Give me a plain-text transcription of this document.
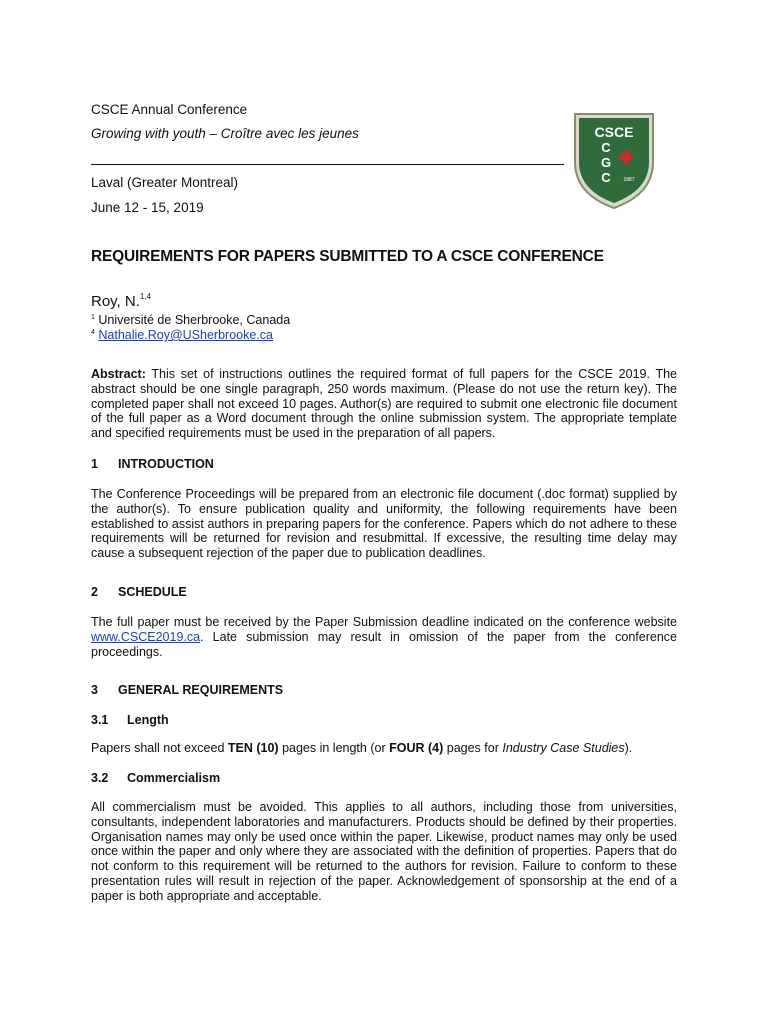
CSCE Annual Conference
Growing with youth – Croître avec les jeunes
Laval (Greater Montreal)
June 12 - 15, 2019
CSCE
C
G
C	1887
REQUIREMENTS FOR PAPERS SUBMITTED TO A CSCE CONFERENCE
Roy, N.$^{1,4}$
$^1$ Université de Sherbrooke, Canada
$^4$ Nathalie.Roy@USherbrooke.ca

Abstract: This set of instructions outlines the required format of full papers for the CSCE 2019. The abstract should be one single paragraph, 250 words maximum. (Please do not use the return key). The completed paper shall not exceed 10 pages. Author(s) are required to submit one electronic file document of the full paper as a Word document through the online submission system. The appropriate template and specified requirements must be used in the preparation of all papers.

1 INTRODUCTION

The Conference Proceedings will be prepared from an electronic file document (.doc format) supplied by the author(s). To ensure publication quality and uniformity, the following requirements have been established to assist authors in preparing papers for the conference. Papers which do not adhere to these requirements will be returned for revision and resubmittal. If excessive, the resulting time delay may cause a subsequent rejection of the paper due to publication deadlines.

2 SCHEDULE

The full paper must be received by the Paper Submission deadline indicated on the conference website www.CSCE2019.ca. Late submission may result in omission of the paper from the conference proceedings.

3 GENERAL REQUIREMENTS
3.1 Length

Papers shall not exceed TEN (10) pages in length (or FOUR (4) pages for Industry Case Studies).

3.2 Commercialism

All commercialism must be avoided. This applies to all authors, including those from universities, consultants, independent laboratories and manufacturers. Products should be defined by their properties. Organisation names may only be used once within the paper. Likewise, product names may only be used once within the paper and only where they are associated with the definition of properties. Papers that do not conform to this requirement will be returned to the authors for revision. Failure to conform to these presentation rules will result in rejection of the paper. Acknowledgement of sponsorship at the end of a paper is both appropriate and acceptable.
